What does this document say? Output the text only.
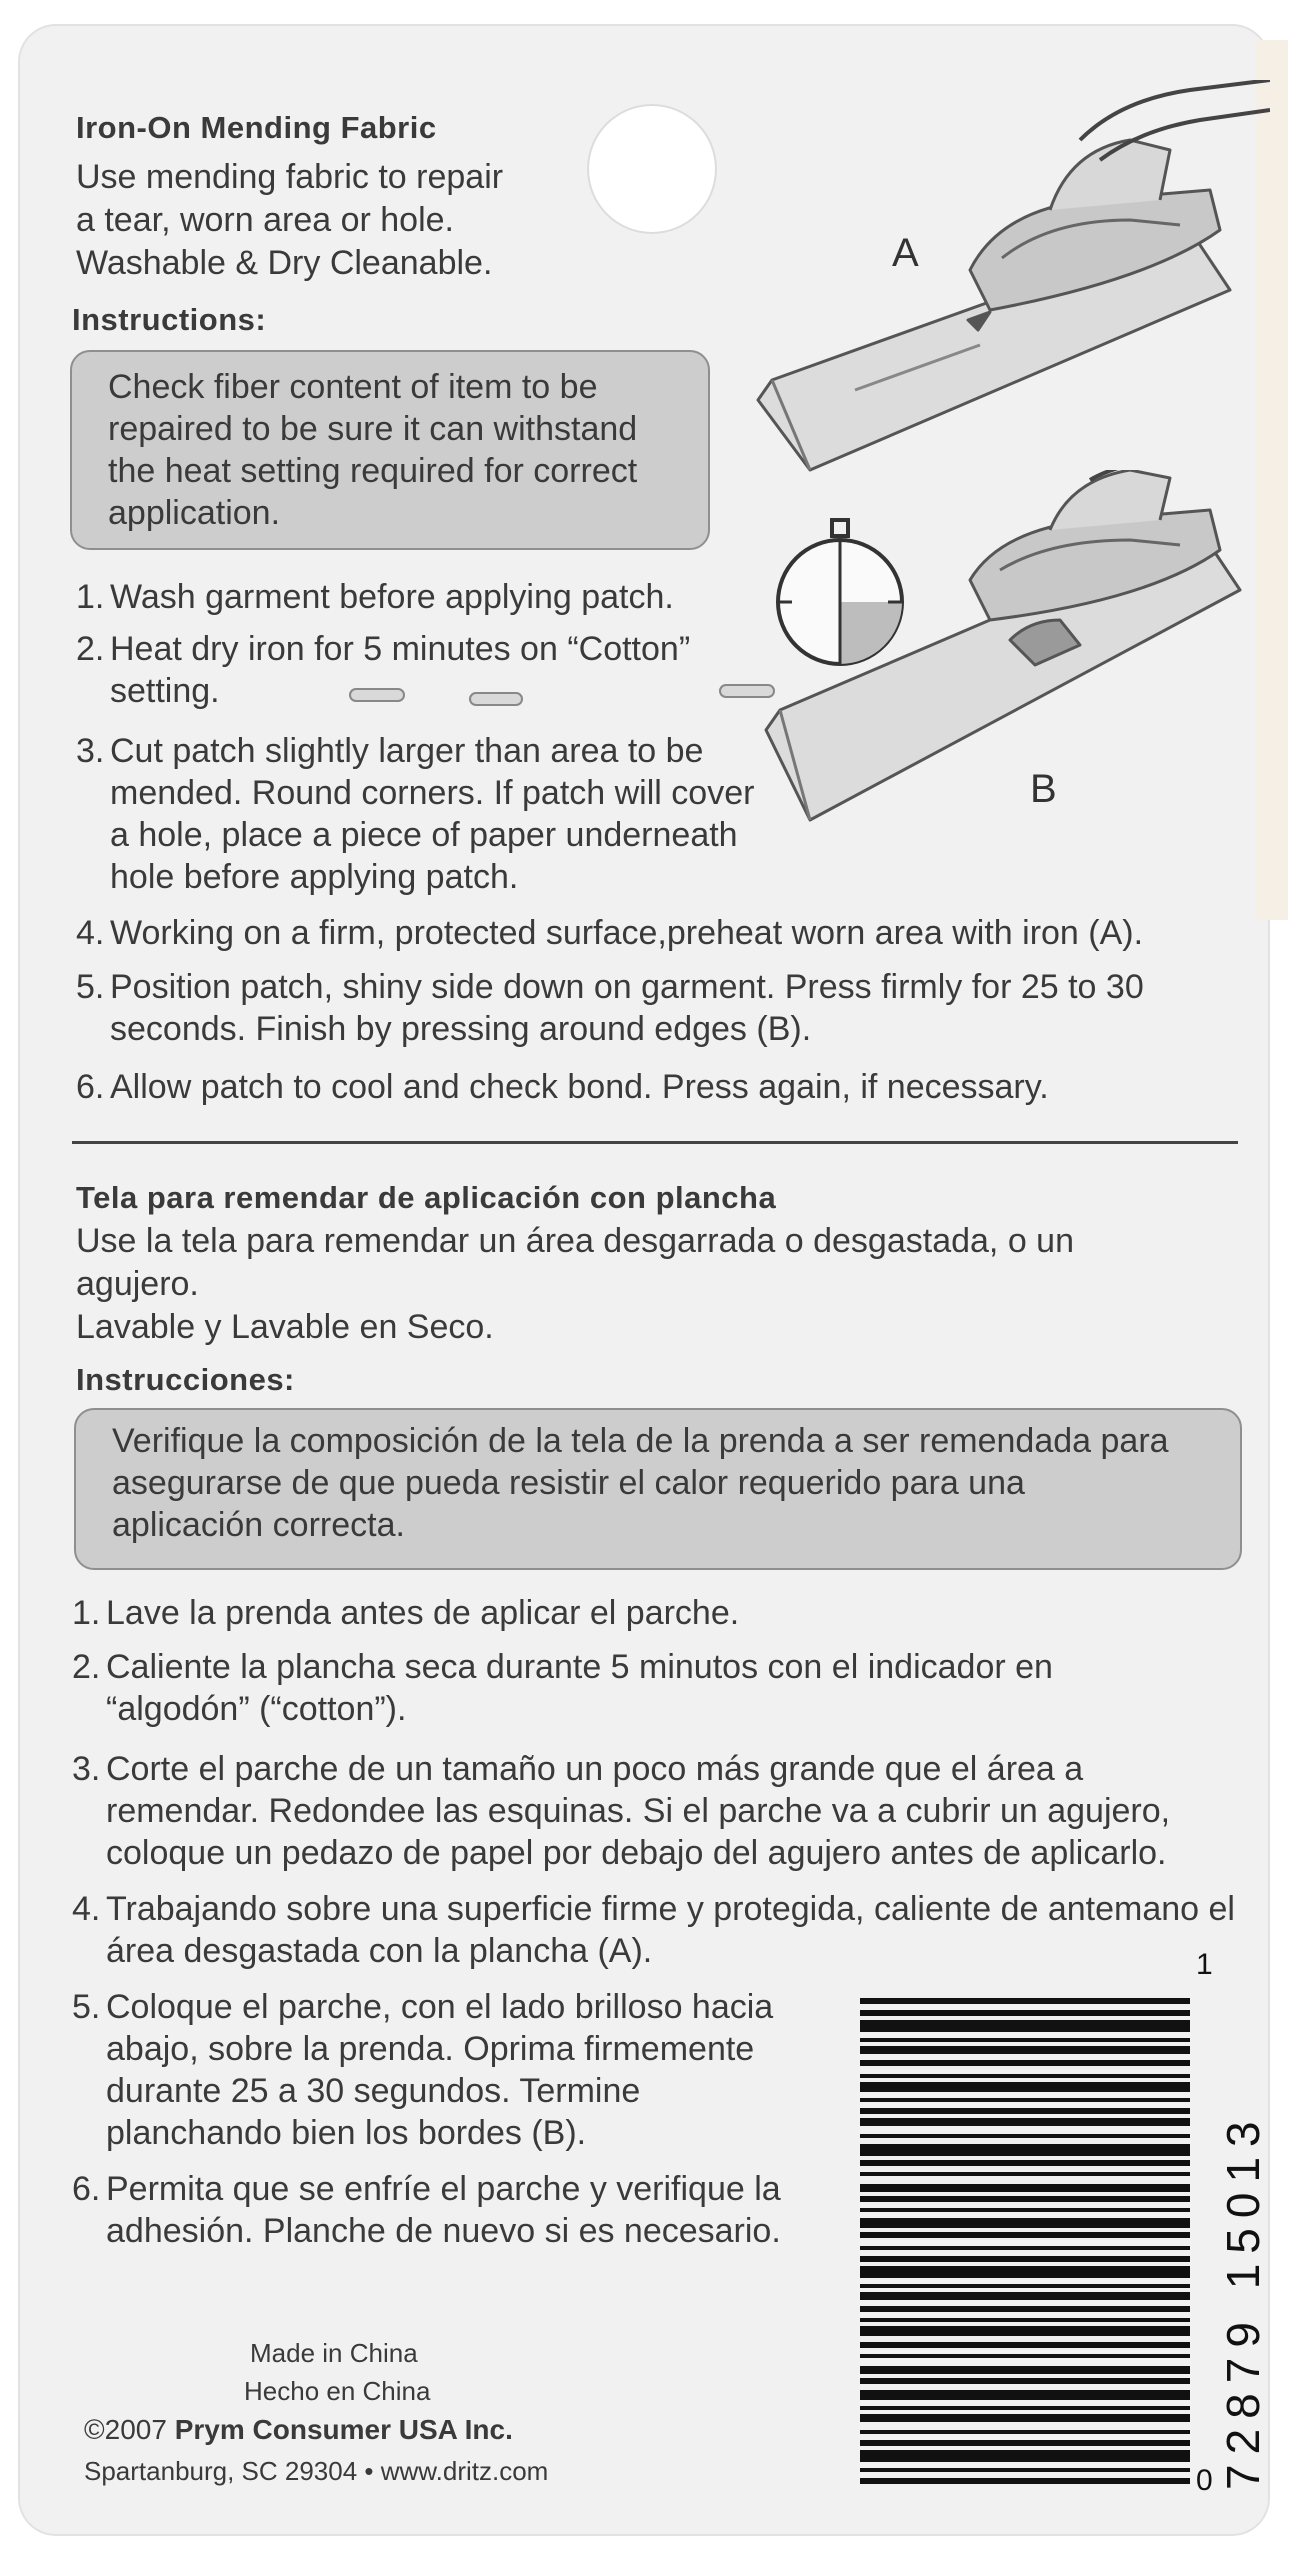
Iron-On Mending Fabric

Use mending fabric to repair

a tear, worn area or hole.

Washable & Dry Cleanable.

Instructions:

Check fiber content of item to be

repaired to be sure it can withstand

the heat setting required for correct

application.

1. Wash garment before applying patch.
2. Heat dry iron for 5 minutes on “Cotton”
setting.
3. Cut patch slightly larger than area to be
mended. Round corners. If patch will cover
a hole, place a piece of paper underneath
hole before applying patch.
4. Working on a firm, protected surface,preheat worn area with iron (A).
5. Position patch, shiny side down on garment. Press firmly for 25 to 30
seconds. Finish by pressing around edges (B).
6. Allow patch to cool and check bond. Press again, if necessary.
A
B

Tela para remendar de aplicación con plancha

Use la tela para remendar un área desgarrada o desgastada, o un

agujero.

Lavable y Lavable en Seco.

Instrucciones:

Verifique la composición de la tela de la prenda a ser remendada para

asegurarse de que pueda resistir el calor requerido para una

aplicación correcta.

1. Lave la prenda antes de aplicar el parche.
2. Caliente la plancha seca durante 5 minutos con el indicador en
“algodón” (“cotton”).
3. Corte el parche de un tamaño un poco más grande que el área a
remendar. Redondee las esquinas. Si el parche va a cubrir un agujero,
coloque un pedazo de papel por debajo del agujero antes de aplicarlo.
4. Trabajando sobre una superficie firme y protegida, caliente de antemano el
área desgastada con la plancha (A).
5. Coloque el parche, con el lado brilloso hacia
abajo, sobre la prenda. Oprima firmemente
durante 25 a 30 segundos. Termine
planchando bien los bordes (B).
6. Permita que se enfríe el parche y verifique la
adhesión. Planche de nuevo si es necesario.

Made in China

Hecho en China

©2007 Prym Consumer USA Inc.

Spartanburg, SC 29304 • www.dritz.com

1
72879 15013
0
